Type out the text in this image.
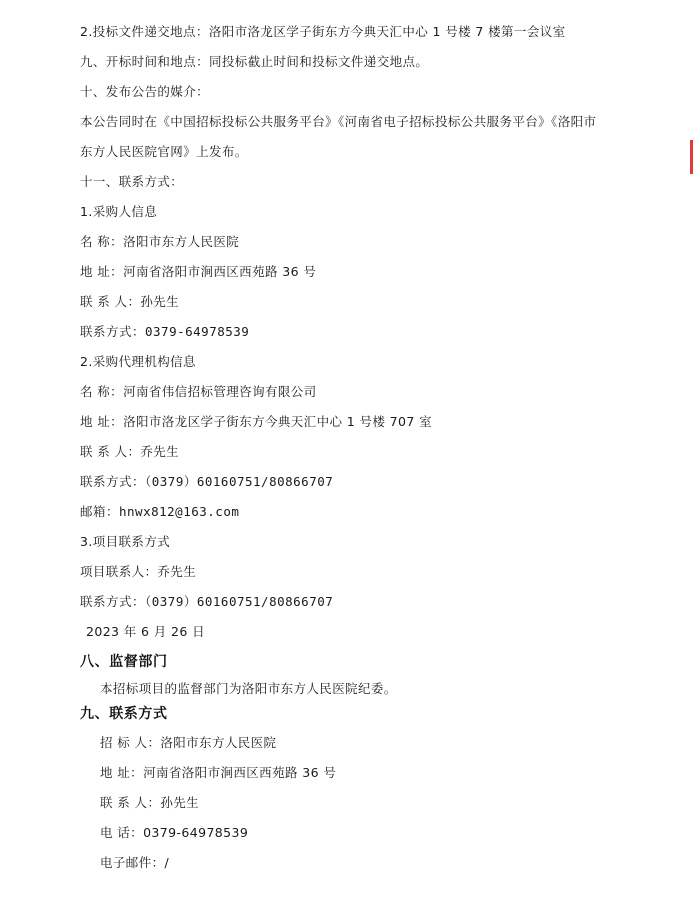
2.投标文件递交地点：洛阳市洛龙区学子街东方今典天汇中心 1 号楼 7 楼第一会议室
九、开标时间和地点：同投标截止时间和投标文件递交地点。
十、发布公告的媒介：
本公告同时在《中国招标投标公共服务平台》《河南省电子招标投标公共服务平台》《洛阳市
东方人民医院官网》上发布。
十一、联系方式：
1.采购人信息
名 称：洛阳市东方人民医院
地 址：河南省洛阳市涧西区西苑路 36 号
联 系 人：孙先生
联系方式：0379-64978539
2.采购代理机构信息
名 称：河南省伟信招标管理咨询有限公司
地 址：洛阳市洛龙区学子街东方今典天汇中心 1 号楼 707 室
联 系 人：乔先生
联系方式：（0379）60160751/80866707
邮箱：hnwx812@163.com
3.项目联系方式
项目联系人：乔先生
联系方式：（0379）60160751/80866707
2023 年 6 月 26 日
八、监督部门
本招标项目的监督部门为洛阳市东方人民医院纪委。
九、联系方式
招 标 人：洛阳市东方人民医院
地 址：河南省洛阳市涧西区西苑路 36 号
联 系 人：孙先生
电 话：0379-64978539
电子邮件：/
